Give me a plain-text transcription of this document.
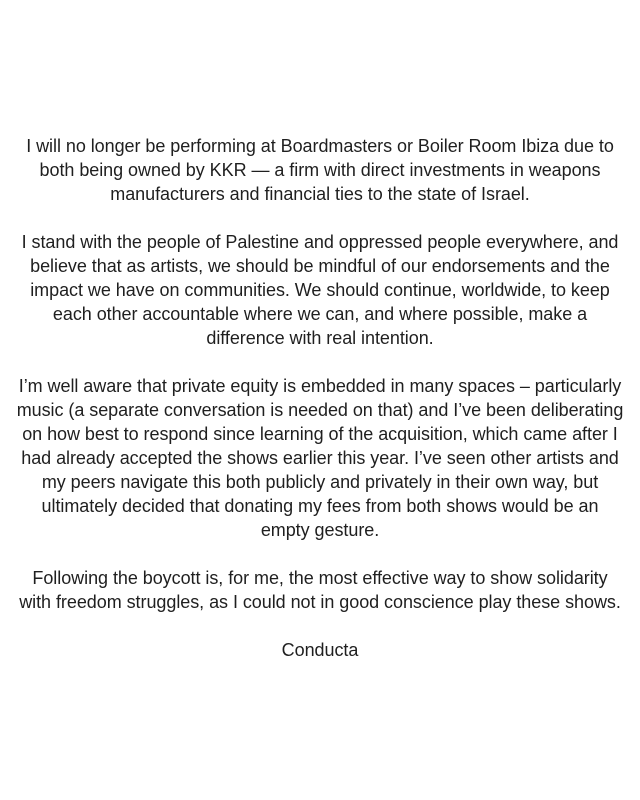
I will no longer be performing at Boardmasters or Boiler Room Ibiza due to
both being owned by KKR — a firm with direct investments in weapons
manufacturers and financial ties to the state of Israel.

I stand with the people of Palestine and oppressed people everywhere, and
believe that as artists, we should be mindful of our endorsements and the
impact we have on communities. We should continue, worldwide, to keep
each other accountable where we can, and where possible, make a
difference with real intention.

I’m well aware that private equity is embedded in many spaces – particularly
music (a separate conversation is needed on that) and I’ve been deliberating
on how best to respond since learning of the acquisition, which came after I
had already accepted the shows earlier this year. I’ve seen other artists and
my peers navigate this both publicly and privately in their own way, but
ultimately decided that donating my fees from both shows would be an
empty gesture.

Following the boycott is, for me, the most effective way to show solidarity
with freedom struggles, as I could not in good conscience play these shows.

Conducta
